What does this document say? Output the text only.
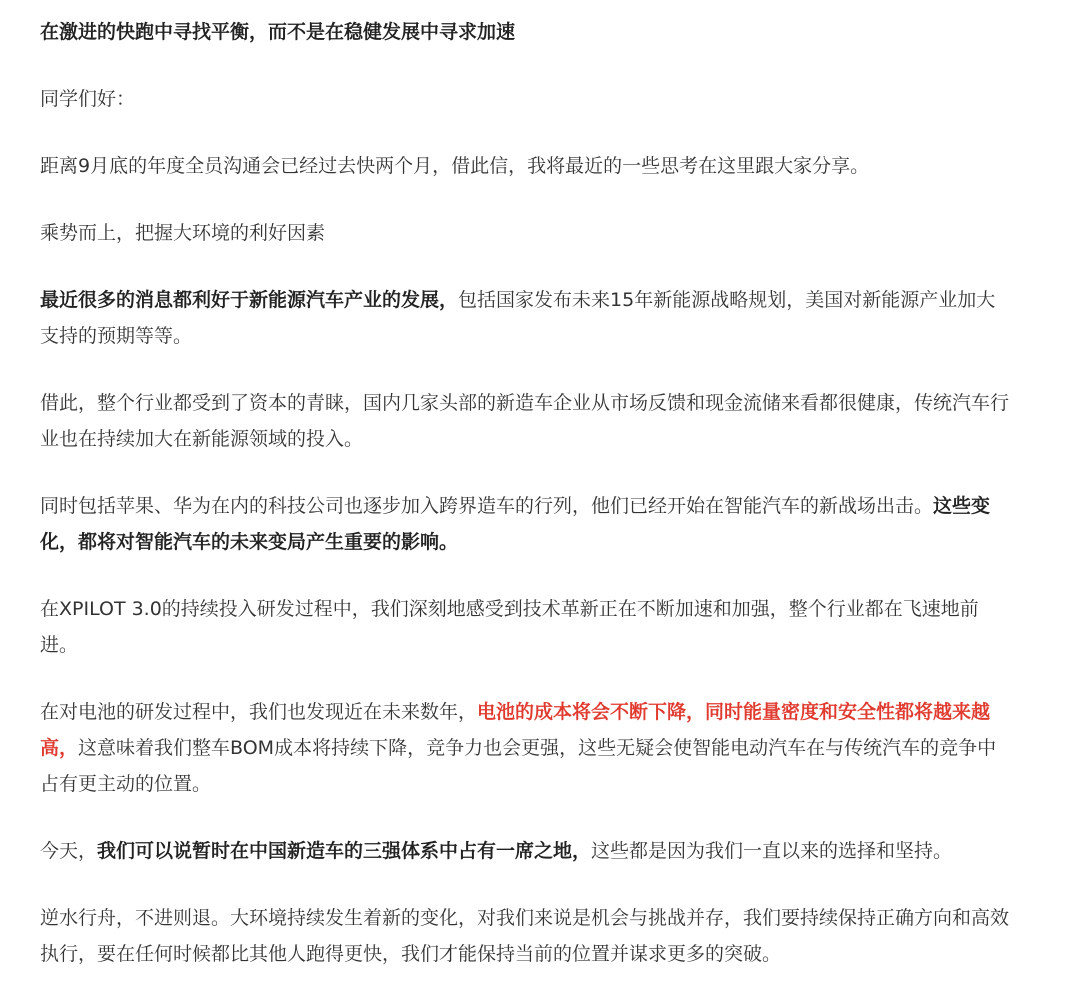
在激进的快跑中寻找平衡，而不是在稳健发展中寻求加速

同学们好：

距离9月底的年度全员沟通会已经过去快两个月，借此信，我将最近的一些思考在这里跟大家分享。

乘势而上，把握大环境的利好因素

最近很多的消息都利好于新能源汽车产业的发展，包括国家发布未来15年新能源战略规划，美国对新能源产业加大支持的预期等等。

借此，整个行业都受到了资本的青睐，国内几家头部的新造车企业从市场反馈和现金流储来看都很健康，传统汽车行业也在持续加大在新能源领域的投入。

同时包括苹果、华为在内的科技公司也逐步加入跨界造车的行列，他们已经开始在智能汽车的新战场出击。这些变化，都将对智能汽车的未来变局产生重要的影响。

在XPILOT 3.0的持续投入研发过程中，我们深刻地感受到技术革新正在不断加速和加强，整个行业都在飞速地前进。

在对电池的研发过程中，我们也发现近在未来数年，电池的成本将会不断下降，同时能量密度和安全性都将越来越高，这意味着我们整车BOM成本将持续下降，竞争力也会更强，这些无疑会使智能电动汽车在与传统汽车的竞争中占有更主动的位置。

今天，我们可以说暂时在中国新造车的三强体系中占有一席之地，这些都是因为我们一直以来的选择和坚持。

逆水行舟，不进则退。大环境持续发生着新的变化，对我们来说是机会与挑战并存，我们要持续保持正确方向和高效执行，要在任何时候都比其他人跑得更快，我们才能保持当前的位置并谋求更多的突破。
